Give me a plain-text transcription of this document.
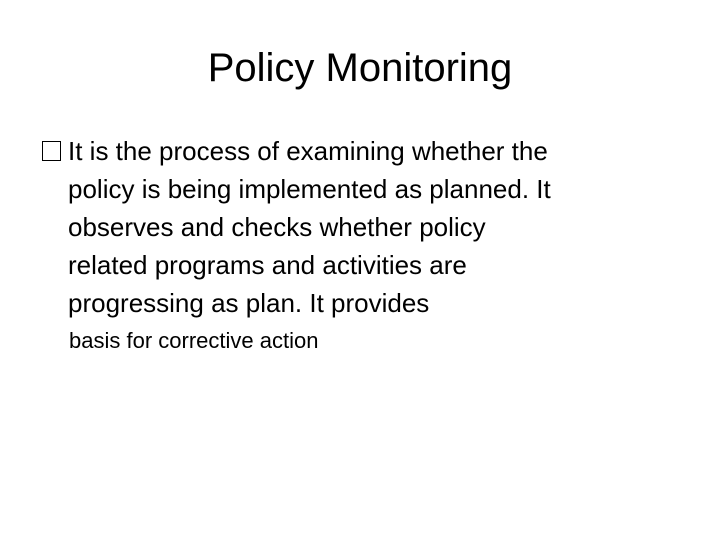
Policy Monitoring
It is the process of examining whether the
policy is being implemented as planned. It
observes and checks whether policy
related programs and activities are
progressing as plan. It provides
basis for corrective action
